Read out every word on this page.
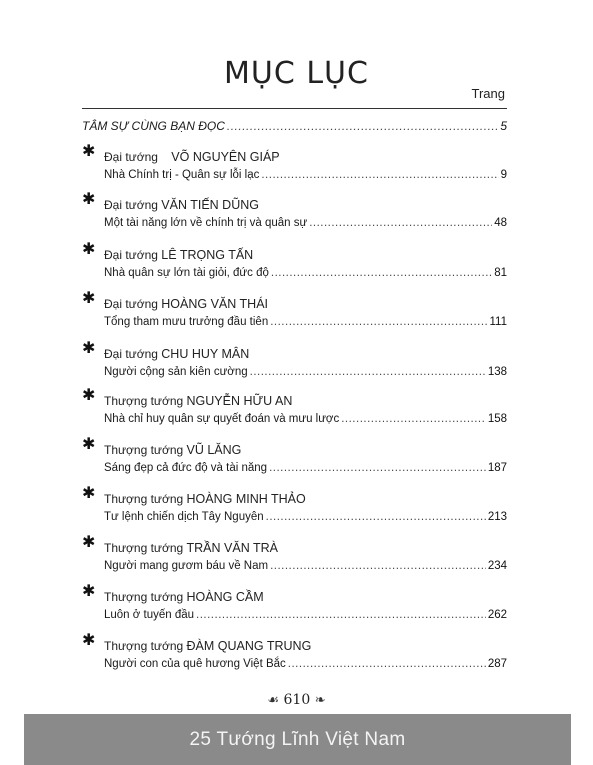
MỤC LỤC
Trang
TÂM SỰ CÙNG BẠN ĐỌC .....	5
✱ Đại tướng VÕ NGUYÊN GIÁP
Nhà Chính trị - Quân sự lỗi lạc .....	9
✱ Đại tướng VĂN TIẾN DŨNG
Một tài năng lớn về chính trị và quân sự .....	48
✱ Đại tướng LÊ TRỌNG TẤN
Nhà quân sự lớn tài giỏi, đức độ .....	81
✱ Đại tướng HOÀNG VĂN THÁI
Tổng tham mưu trưởng đầu tiên .....	111
✱ Đại tướng CHU HUY MÂN
Người cộng sản kiên cường .....	138
✱ Thượng tướng NGUYỄN HỮU AN
Nhà chỉ huy quân sự quyết đoán và mưu lược .....	158
✱ Thượng tướng VŨ LĂNG
Sáng đẹp cả đức độ và tài năng .....	187
✱ Thượng tướng HOÀNG MINH THẢO
Tư lệnh chiến dịch Tây Nguyên .....	213
✱ Thượng tướng TRẦN VĂN TRÀ
Người mang gươm báu về Nam .....	234
✱ Thượng tướng HOÀNG CẦM
Luôn ở tuyến đầu .....	262
✱ Thượng tướng ĐÀM QUANG TRUNG
Người con của quê hương Việt Bắc .....	287
☙ 610 ❧
25 Tướng Lĩnh Việt Nam
